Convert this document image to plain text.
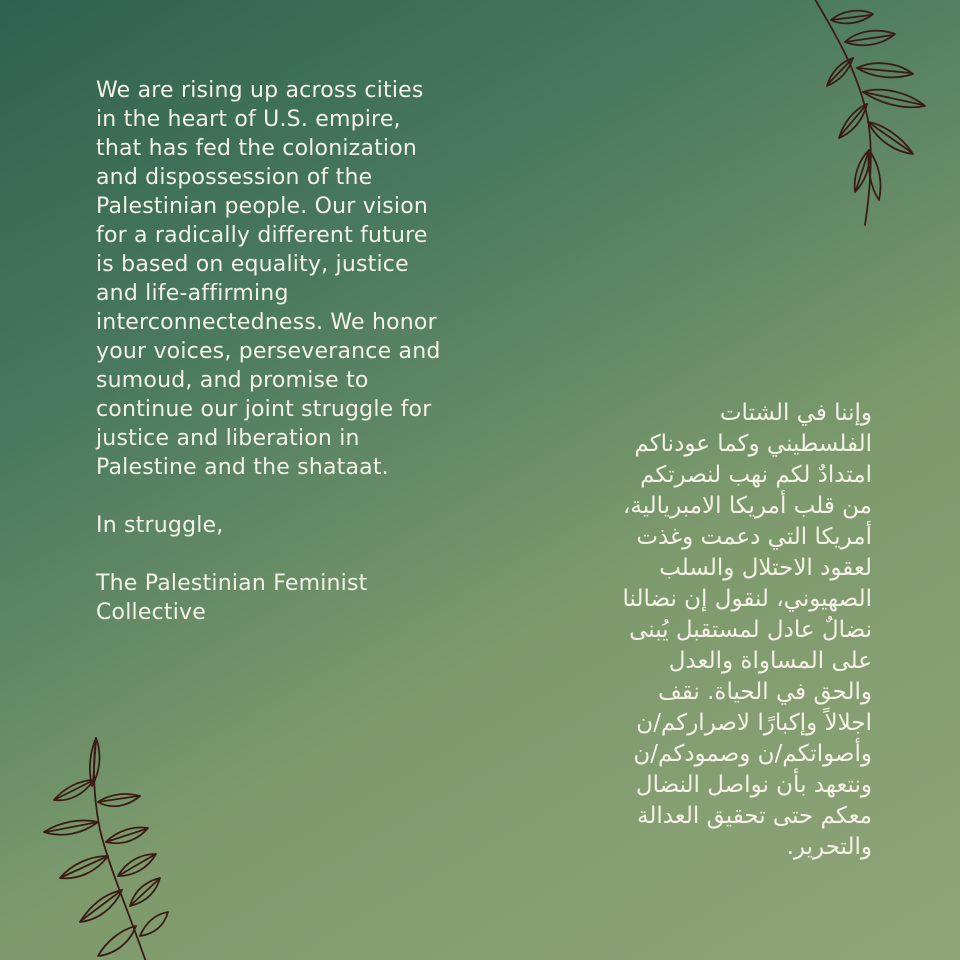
We are rising up across cities
in the heart of U.S. empire,
that has fed the colonization
and dispossession of the
Palestinian people. Our vision
for a radically different future
is based on equality, justice
and life-affirming
interconnectedness. We honor
your voices, perseverance and
sumoud, and promise to
continue our joint struggle for
justice and liberation in
Palestine and the shataat.

In struggle,
The Palestinian Feminist
Collective
وإننا في الشتات
الفلسطيني وكما عودناكم
امتدادٌ لكم نهب لنصرتكم
من قلب أمريكا الامبريالية،
أمريكا التي دعمت وغذت
لعقود الاحتلال والسلب
الصهيوني، لنقول إن نضالنا
نضالٌ عادل لمستقبل يُبنى
على المساواة والعدل
والحق في الحياة. نقف
اجلالاً وإكبارًا لاصراركم/ن
وأصواتكم/ن وصمودكم/ن
ونتعهد بأن نواصل النضال
معكم حتى تحقيق العدالة
والتحرير.
